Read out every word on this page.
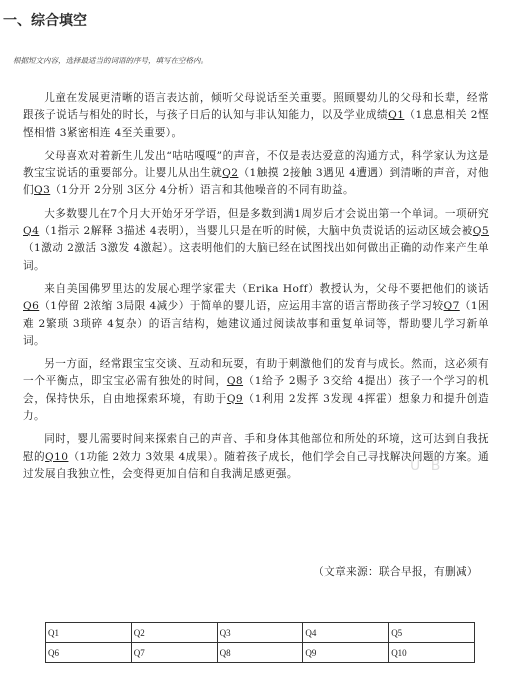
一、综合填空
根据短文内容，选择最适当的词语的序号，填写在空格内。

儿童在发展更清晰的语言表达前，倾听父母说话至关重要。照顾婴幼儿的父母和长辈，经常跟孩子说话与相处的时长，与孩子日后的认知与非认知能力，以及学业成绩Q1（1息息相关 2悭悭相惜 3紧密相连 4至关重要）。

父母喜欢对着新生儿发出“咕咕嘎嘎”的声音，不仅是表达爱意的沟通方式，科学家认为这是教宝宝说话的重要部分。让婴儿从出生就Q2（1触摸 2接触 3遇见 4遭遇）到清晰的声音，对他们Q3（1分开 2分别 3区分 4分析）语言和其他噪音的不同有助益。

大多数婴儿在7个月大开始牙牙学语，但是多数到满1周岁后才会说出第一个单词。一项研究Q4（1指示 2解释 3描述 4表明），当婴儿只是在听的时候，大脑中负责说话的运动区域会被Q5（1激动 2激活 3激发 4激起）。这表明他们的大脑已经在试图找出如何做出正确的动作来产生单词。

来自美国佛罗里达的发展心理学家霍夫（Erika Hoff）教授认为，父母不要把他们的谈话Q6（1停留 2浓缩 3局限 4减少）于简单的婴儿语，应运用丰富的语言帮助孩子学习较Q7（1困难 2繁琐 3琐碎 4复杂）的语言结构，她建议通过阅读故事和重复单词等，帮助婴儿学习新单词。

另一方面，经常跟宝宝交谈、互动和玩耍，有助于刺激他们的发育与成长。然而，这必须有一个平衡点，即宝宝必需有独处的时间，Q8（1给予 2赐予 3交给 4提出）孩子一个学习的机会，保持快乐，自由地探索环境，有助于Q9（1利用 2发挥 3发现 4挥霍）想象力和提升创造力。

同时，婴儿需要时间来探索自己的声音、手和身体其他部位和所处的环境，这可达到自我抚慰的Q10（1功能 2效力 3效果 4成果）。随着孩子成长，他们学会自己寻找解决问题的方案。通过发展自我独立性，会变得更加自信和自我满足感更强。	U B
（文章来源：联合早报，有删减）
Q1	Q2	Q3	Q4	Q5
Q6	Q7	Q8	Q9	Q10
